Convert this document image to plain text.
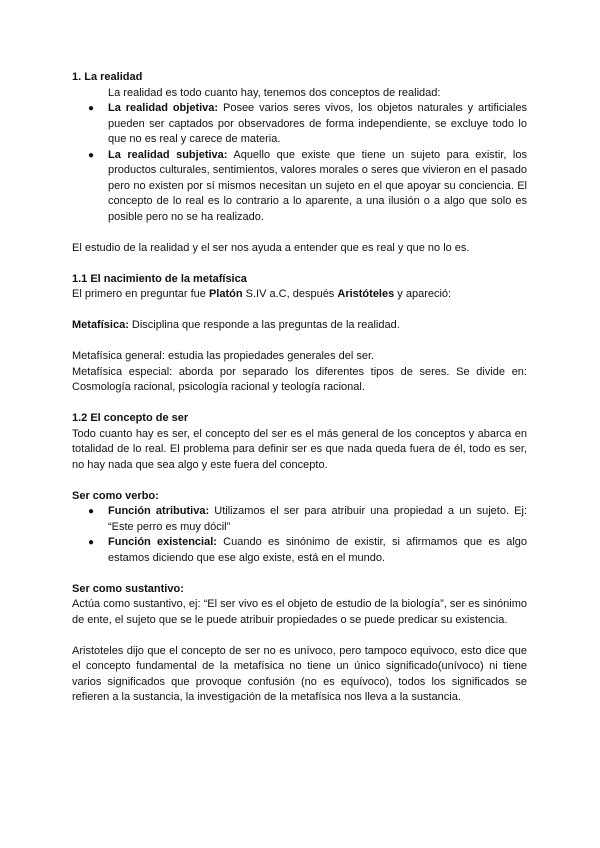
1. La realidad
La realidad es todo cuanto hay, tenemos dos conceptos de realidad:
● La realidad objetiva: Posee varios seres vivos, los objetos naturales y artificiales pueden ser captados por observadores de forma independiente, se excluye todo lo que no es real y carece de materia.
● La realidad subjetiva: Aquello que existe que tiene un sujeto para existir, los productos culturales, sentimientos, valores morales o seres que vivieron en el pasado pero no existen por sí mismos necesitan un sujeto en el que apoyar su conciencia. El concepto de lo real es lo contrario a lo aparente, a una ilusión o a algo que solo es posible pero no se ha realizado.
El estudio de la realidad y el ser nos ayuda a entender que es real y que no lo es.
1.1 El nacimiento de la metafísica
El primero en preguntar fue Platón S.IV a.C, después Aristóteles y apareció:
Metafísica: Disciplina que responde a las preguntas de la realidad.
Metafísica general: estudia las propiedades generales del ser.
Metafísica especial: aborda por separado los diferentes tipos de seres. Se divide en: Cosmología racional, psicología racional y teología racional.
1.2 El concepto de ser
Todo cuanto hay es ser, el concepto del ser es el más general de los conceptos y abarca en totalidad de lo real. El problema para definir ser es que nada queda fuera de él, todo es ser, no hay nada que sea algo y este fuera del concepto.
Ser como verbo:
● Función atributiva: Utilizamos el ser para atribuir una propiedad a un sujeto. Ej: “Este perro es muy dócil”
● Función existencial: Cuando es sinónimo de existir, si afirmamos que es algo estamos diciendo que ese algo existe, está en el mundo.
Ser como sustantivo:
Actúa como sustantivo, ej: “El ser vivo es el objeto de estudio de la biología”, ser es sinónimo de ente, el sujeto que se le puede atribuir propiedades o se puede predicar su existencia.
Aristoteles dijo que el concepto de ser no es unívoco, pero tampoco equivoco, esto dice que el concepto fundamental de la metafísica no tiene un único significado(unívoco) ni tiene varios significados que provoque confusión (no es equívoco), todos los significados se refieren a la sustancia, la investigación de la metafísica nos lleva a la sustancia.
